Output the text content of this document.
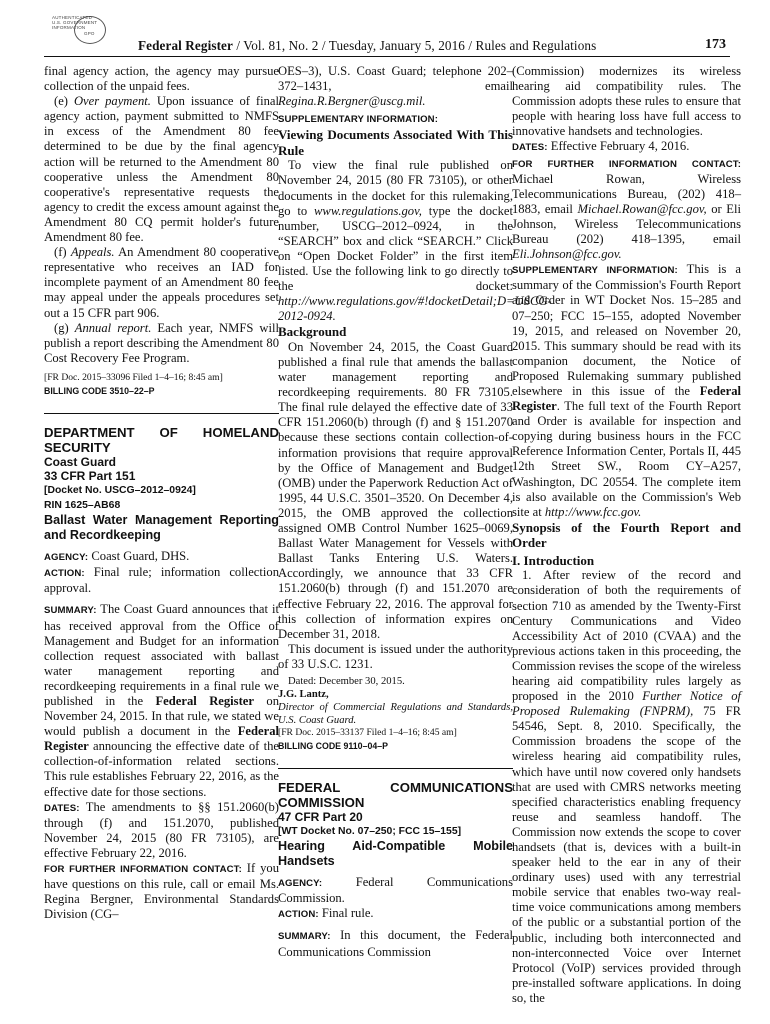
AUTHENTICATED
U.S. GOVERNMENT
INFORMATION
GPO
Federal Register / Vol. 81, No. 2 / Tuesday, January 5, 2016 / Rules and Regulations	173

final agency action, the agency may pursue collection of the unpaid fees.

(e) Over payment. Upon issuance of final agency action, payment submitted to NMFS in excess of the Amendment 80 fee determined to be due by the final agency action will be returned to the Amendment 80 cooperative unless the Amendment 80 cooperative's representative requests the agency to credit the excess amount against the Amendment 80 CQ permit holder's future Amendment 80 fee.

(f) Appeals. An Amendment 80 cooperative representative who receives an IAD for incomplete payment of an Amendment 80 fee may appeal under the appeals procedures set out a 15 CFR part 906.

(g) Annual report. Each year, NMFS will publish a report describing the Amendment 80 Cost Recovery Fee Program.

[FR Doc. 2015–33096 Filed 1–4–16; 8:45 am]

BILLING CODE 3510–22–P

DEPARTMENT OF HOMELAND SECURITY

Coast Guard

33 CFR Part 151

[Docket No. USCG–2012–0924]

RIN 1625–AB68

Ballast Water Management Reporting and Recordkeeping

AGENCY: Coast Guard, DHS.

ACTION: Final rule; information collection approval.

SUMMARY: The Coast Guard announces that it has received approval from the Office of Management and Budget for an information collection request associated with ballast water management reporting and recordkeeping requirements in a final rule we published in the Federal Register on November 24, 2015. In that rule, we stated we would publish a document in the Federal Register announcing the effective date of the collection-of-information related sections. This rule establishes February 22, 2016, as the effective date for those sections.

DATES: The amendments to §§ 151.2060(b) through (f) and 151.2070, published November 24, 2015 (80 FR 73105), are effective February 22, 2016.

FOR FURTHER INFORMATION CONTACT: If you have questions on this rule, call or email Ms. Regina Bergner, Environmental Standards Division (CG–

OES–3), U.S. Coast Guard; telephone 202–372–1431, email Regina.R.Bergner@uscg.mil.

SUPPLEMENTARY INFORMATION:

Viewing Documents Associated With This Rule

To view the final rule published on November 24, 2015 (80 FR 73105), or other documents in the docket for this rulemaking, go to www.regulations.gov, type the docket number, USCG–2012–0924, in the “SEARCH” box and click “SEARCH.” Click on “Open Docket Folder” in the first item listed. Use the following link to go directly to the docket: http://www.regulations.gov/#!docketDetail;D=USCG-2012-0924.

Background

On November 24, 2015, the Coast Guard published a final rule that amends the ballast water management reporting and recordkeeping requirements. 80 FR 73105. The final rule delayed the effective date of 33 CFR 151.2060(b) through (f) and § 151.2070 because these sections contain collection-of-information provisions that require approval by the Office of Management and Budget (OMB) under the Paperwork Reduction Act of 1995, 44 U.S.C. 3501–3520. On December 4, 2015, the OMB approved the collection assigned OMB Control Number 1625–0069, Ballast Water Management for Vessels with Ballast Tanks Entering U.S. Waters. Accordingly, we announce that 33 CFR 151.2060(b) through (f) and 151.2070 are effective February 22, 2016. The approval for this collection of information expires on December 31, 2018.

This document is issued under the authority of 33 U.S.C. 1231.

Dated: December 30, 2015.

J.G. Lantz,

Director of Commercial Regulations and Standards, U.S. Coast Guard.

[FR Doc. 2015–33137 Filed 1–4–16; 8:45 am]

BILLING CODE 9110–04–P

FEDERAL COMMUNICATIONS COMMISSION

47 CFR Part 20

[WT Docket No. 07–250; FCC 15–155]

Hearing Aid-Compatible Mobile Handsets

AGENCY: Federal Communications Commission.

ACTION: Final rule.

SUMMARY: In this document, the Federal Communications Commission

(Commission) modernizes its wireless hearing aid compatibility rules. The Commission adopts these rules to ensure that people with hearing loss have full access to innovative handsets and technologies.

DATES: Effective February 4, 2016.

FOR FURTHER INFORMATION CONTACT: Michael Rowan, Wireless Telecommunications Bureau, (202) 418–1883, email Michael.Rowan@fcc.gov, or Eli Johnson, Wireless Telecommunications Bureau (202) 418–1395, email Eli.Johnson@fcc.gov.

SUPPLEMENTARY INFORMATION: This is a summary of the Commission's Fourth Report and Order in WT Docket Nos. 15–285 and 07–250; FCC 15–155, adopted November 19, 2015, and released on November 20, 2015. This summary should be read with its companion document, the Notice of Proposed Rulemaking summary published elsewhere in this issue of the Federal Register. The full text of the Fourth Report and Order is available for inspection and copying during business hours in the FCC Reference Information Center, Portals II, 445 12th Street SW., Room CY–A257, Washington, DC 20554. The complete item is also available on the Commission's Web site at http://www.fcc.gov.

Synopsis of the Fourth Report and Order

I. Introduction

1. After review of the record and consideration of both the requirements of section 710 as amended by the Twenty-First Century Communications and Video Accessibility Act of 2010 (CVAA) and the previous actions taken in this proceeding, the Commission revises the scope of the wireless hearing aid compatibility rules largely as proposed in the 2010 Further Notice of Proposed Rulemaking (FNPRM), 75 FR 54546, Sept. 8, 2010. Specifically, the Commission broadens the scope of the wireless hearing aid compatibility rules, which have until now covered only handsets that are used with CMRS networks meeting specified characteristics enabling frequency reuse and seamless handoff. The Commission now extends the scope to cover handsets (that is, devices with a built-in speaker held to the ear in any of their ordinary uses) used with any terrestrial mobile service that enables two-way real-time voice communications among members of the public or a substantial portion of the public, including both interconnected and non-interconnected Voice over Internet Protocol (VoIP) services provided through pre-installed software applications. In doing so, the
